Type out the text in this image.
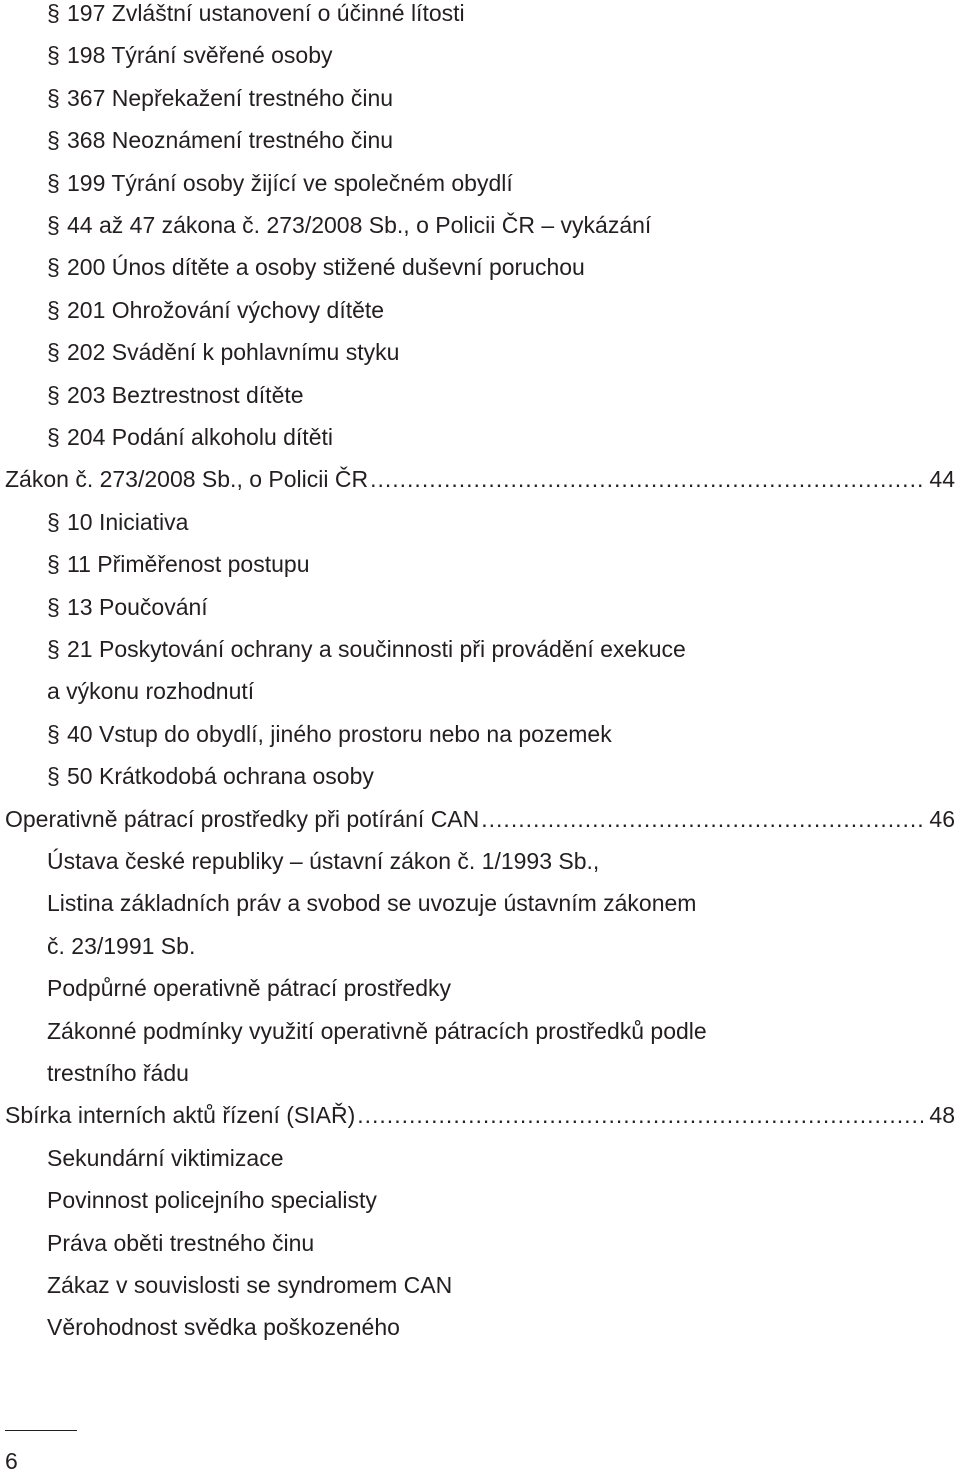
§ 197 Zvláštní ustanovení o účinné lítosti
§ 198 Týrání svěřené osoby
§ 367 Nepřekažení trestného činu
§ 368 Neoznámení trestného činu
§ 199 Týrání osoby žijící ve společném obydlí
§ 44 až 47 zákona č. 273/2008 Sb., o Policii ČR – vykázání
§ 200 Únos dítěte a osoby stižené duševní poruchou
§ 201 Ohrožování výchovy dítěte
§ 202 Svádění k pohlavnímu styku
§ 203 Beztrestnost dítěte
§ 204 Podání alkoholu dítěti
Zákon č. 273/2008 Sb., o Policii ČR .....	44
§ 10 Iniciativa
§ 11 Přiměřenost postupu
§ 13 Poučování
§ 21 Poskytování ochrany a součinnosti při provádění exekuce
a výkonu rozhodnutí
§ 40 Vstup do obydlí, jiného prostoru nebo na pozemek
§ 50 Krátkodobá ochrana osoby
Operativně pátrací prostředky při potírání CAN .....	46
Ústava české republiky – ústavní zákon č. 1/1993 Sb.,
Listina základních práv a svobod se uvozuje ústavním zákonem
č. 23/1991 Sb.
Podpůrné operativně pátrací prostředky
Zákonné podmínky využití operativně pátracích prostředků podle
trestního řádu
Sbírka interních aktů řízení (SIAŘ) .....	48
Sekundární viktimizace
Povinnost policejního specialisty
Práva oběti trestného činu
Zákaz v souvislosti se syndromem CAN
Věrohodnost svědka poškozeného
6
